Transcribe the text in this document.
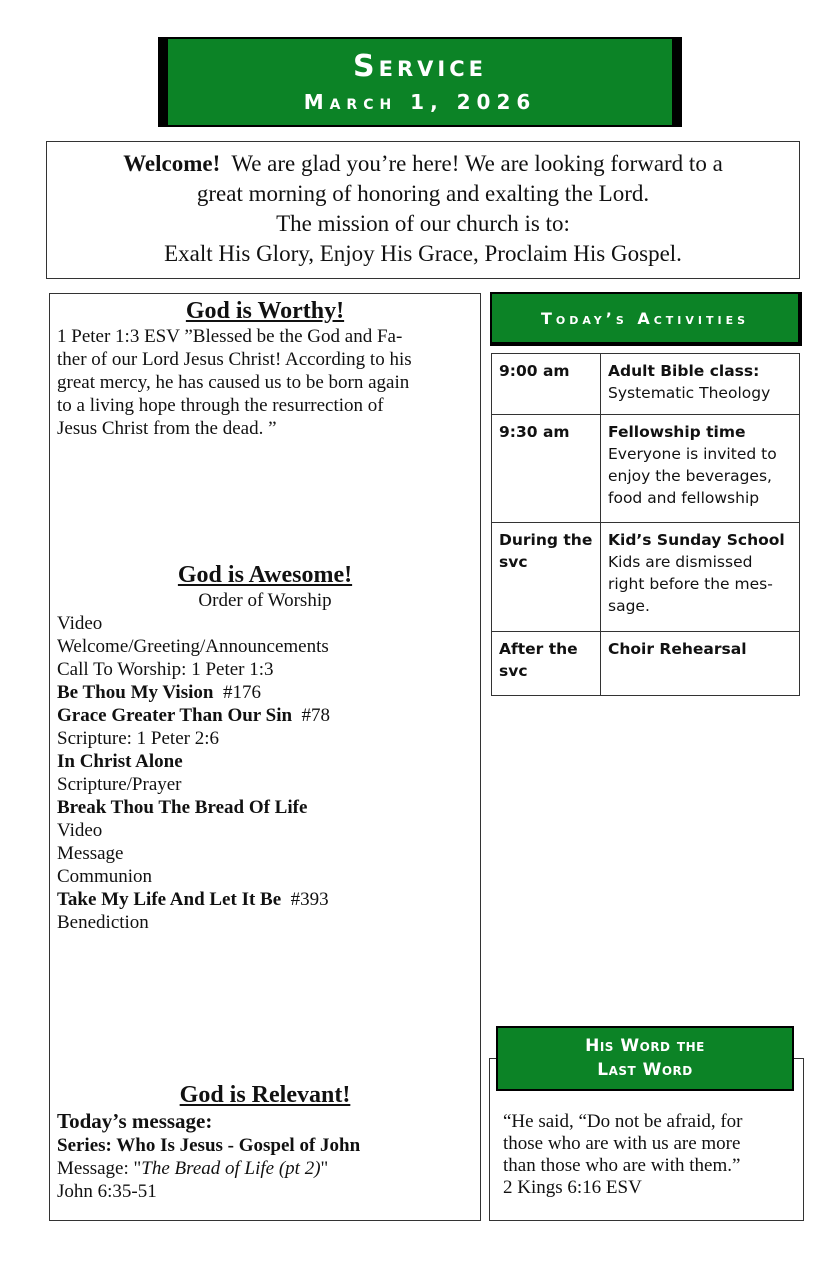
Service
March 1, 2026
Welcome! We are glad you’re here! We are looking forward to a
great morning of honoring and exalting the Lord.
The mission of our church is to:
Exalt His Glory, Enjoy His Grace, Proclaim His Gospel.
God is Worthy!
1 Peter 1:3 ESV ”Blessed be the God and Fa-
ther of our Lord Jesus Christ! According to his
great mercy, he has caused us to be born again
to a living hope through the resurrection of
Jesus Christ from the dead. ”
God is Awesome!
Order of Worship
Video
Welcome/Greeting/Announcements
Call To Worship: 1 Peter 1:3
Be Thou My Vision #176
Grace Greater Than Our Sin #78
Scripture: 1 Peter 2:6
In Christ Alone
Scripture/Prayer
Break Thou The Bread Of Life
Video
Message
Communion
Take My Life And Let It Be #393
Benediction
God is Relevant!
Today’s message:
Series: Who Is Jesus - Gospel of John
Message: "The Bread of Life (pt 2)"
John 6:35-51
Today’s Activities
9:00 am	Adult Bible class:
Systematic Theology
9:30 am	Fellowship time
Everyone is invited to enjoy the beverages, food and fellowship
During the svc	Kid’s Sunday School
Kids are dismissed right before the mes-sage.
After the svc	Choir Rehearsal
His Word the
Last Word
“He said, “Do not be afraid, for
those who are with us are more
than those who are with them.”
2 Kings 6:16 ESV
